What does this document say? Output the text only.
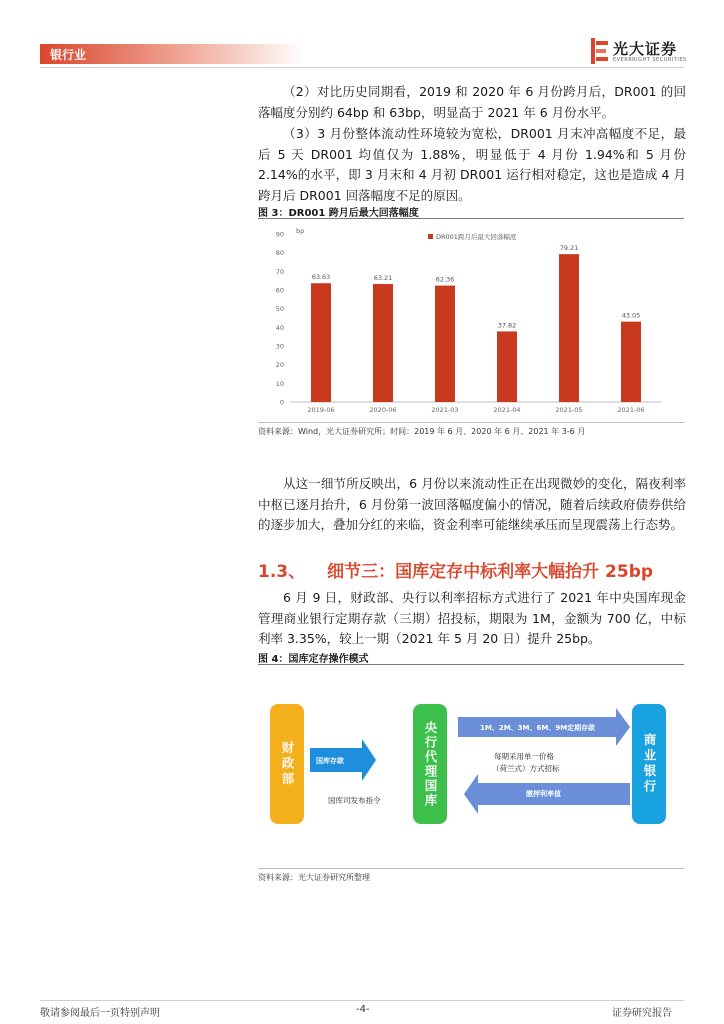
银行业	光大证券
EVERBRIGHT SECURITIES

（2）对比历史同期看，2019 和 2020 年 6 月份跨月后，DR001 的回落幅度分别约 64bp 和 63bp，明显高于 2021 年 6 月份水平。

（3）3 月份整体流动性环境较为宽松，DR001 月末冲高幅度不足，最后 5 天 DR001 均值仅为 1.88%，明显低于 4 月份 1.94%和 5 月份 2.14%的水平，即 3 月末和 4 月初 DR001 运行相对稳定，这也是造成 4 月跨月后 DR001 回落幅度不足的原因。

图 3：DR001 跨月后最大回落幅度
bp
0
10
20
30
40
50
60
70
80
90	DR001跨月后最大回落幅度
63.63
2019-06
63.21
2020-06
62.36
2021-03
37.82
2021-04
79.21
2021-05
43.05
2021-06
资料来源：Wind，光大证券研究所；时间：2019 年 6 月、2020 年 6 月、2021 年 3-6 月

从这一细节所反映出，6 月份以来流动性正在出现微妙的变化，隔夜利率中枢已逐月抬升，6 月份第一波回落幅度偏小的情况，随着后续政府债券供给的逐步加大，叠加分红的来临，资金利率可能继续承压而呈现震荡上行态势。

1.3、 细节三：国库定存中标利率大幅抬升 25bp

6 月 9 日，财政部、央行以利率招标方式进行了 2021 年中央国库现金管理商业银行定期存款（三期）招投标，期限为 1M，金额为 700 亿，中标利率 3.35%，较上一期（2021 年 5 月 20 日）提升 25bp。

图 4：国库定存操作模式
财政部	央行代理国库	商业银行
国库存款
国库司发布指令
1M、2M、3M、6M、9M定期存款
每期采用单一价格
（荷兰式）方式招标
缴押利率值
资料来源：光大证券研究所整理
敬请参阅最后一页特别声明	-4-	证券研究报告
